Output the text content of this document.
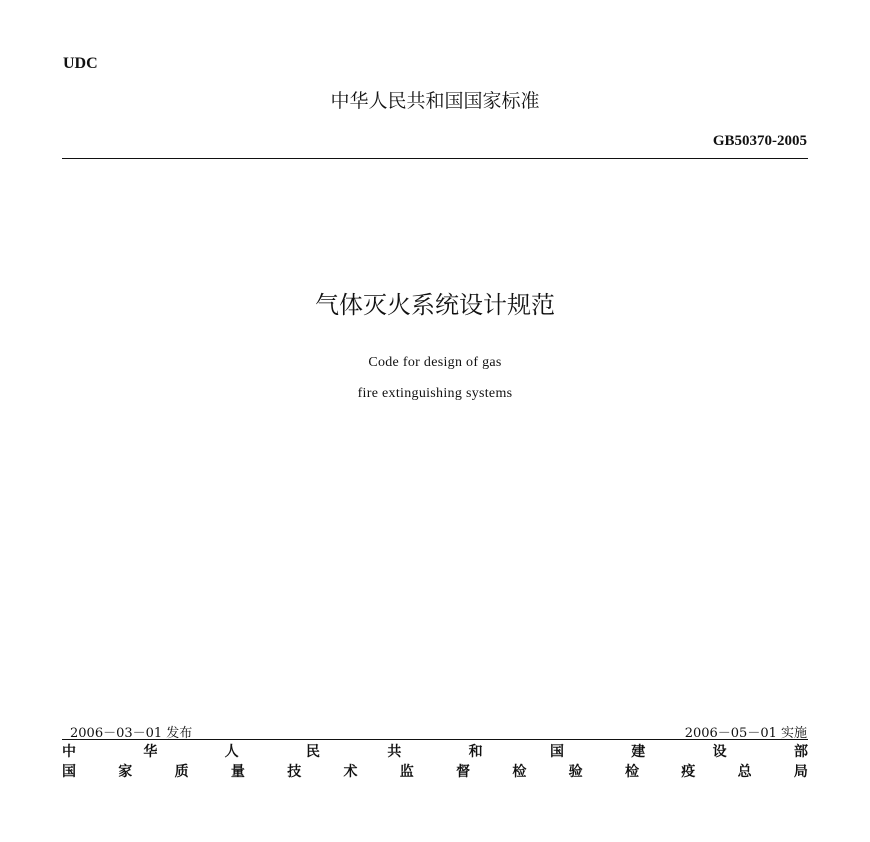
UDC
中华人民共和国国家标准
GB50370-2005
气体灭火系统设计规范
Code for design of gas
fire extinguishing systems
2006－03－01 发布	2006－05－01 实施
中	华	人	民	共	和	国	建	设	部
国	家	质	量	技	术	监	督	检	验	检	疫	总	局
